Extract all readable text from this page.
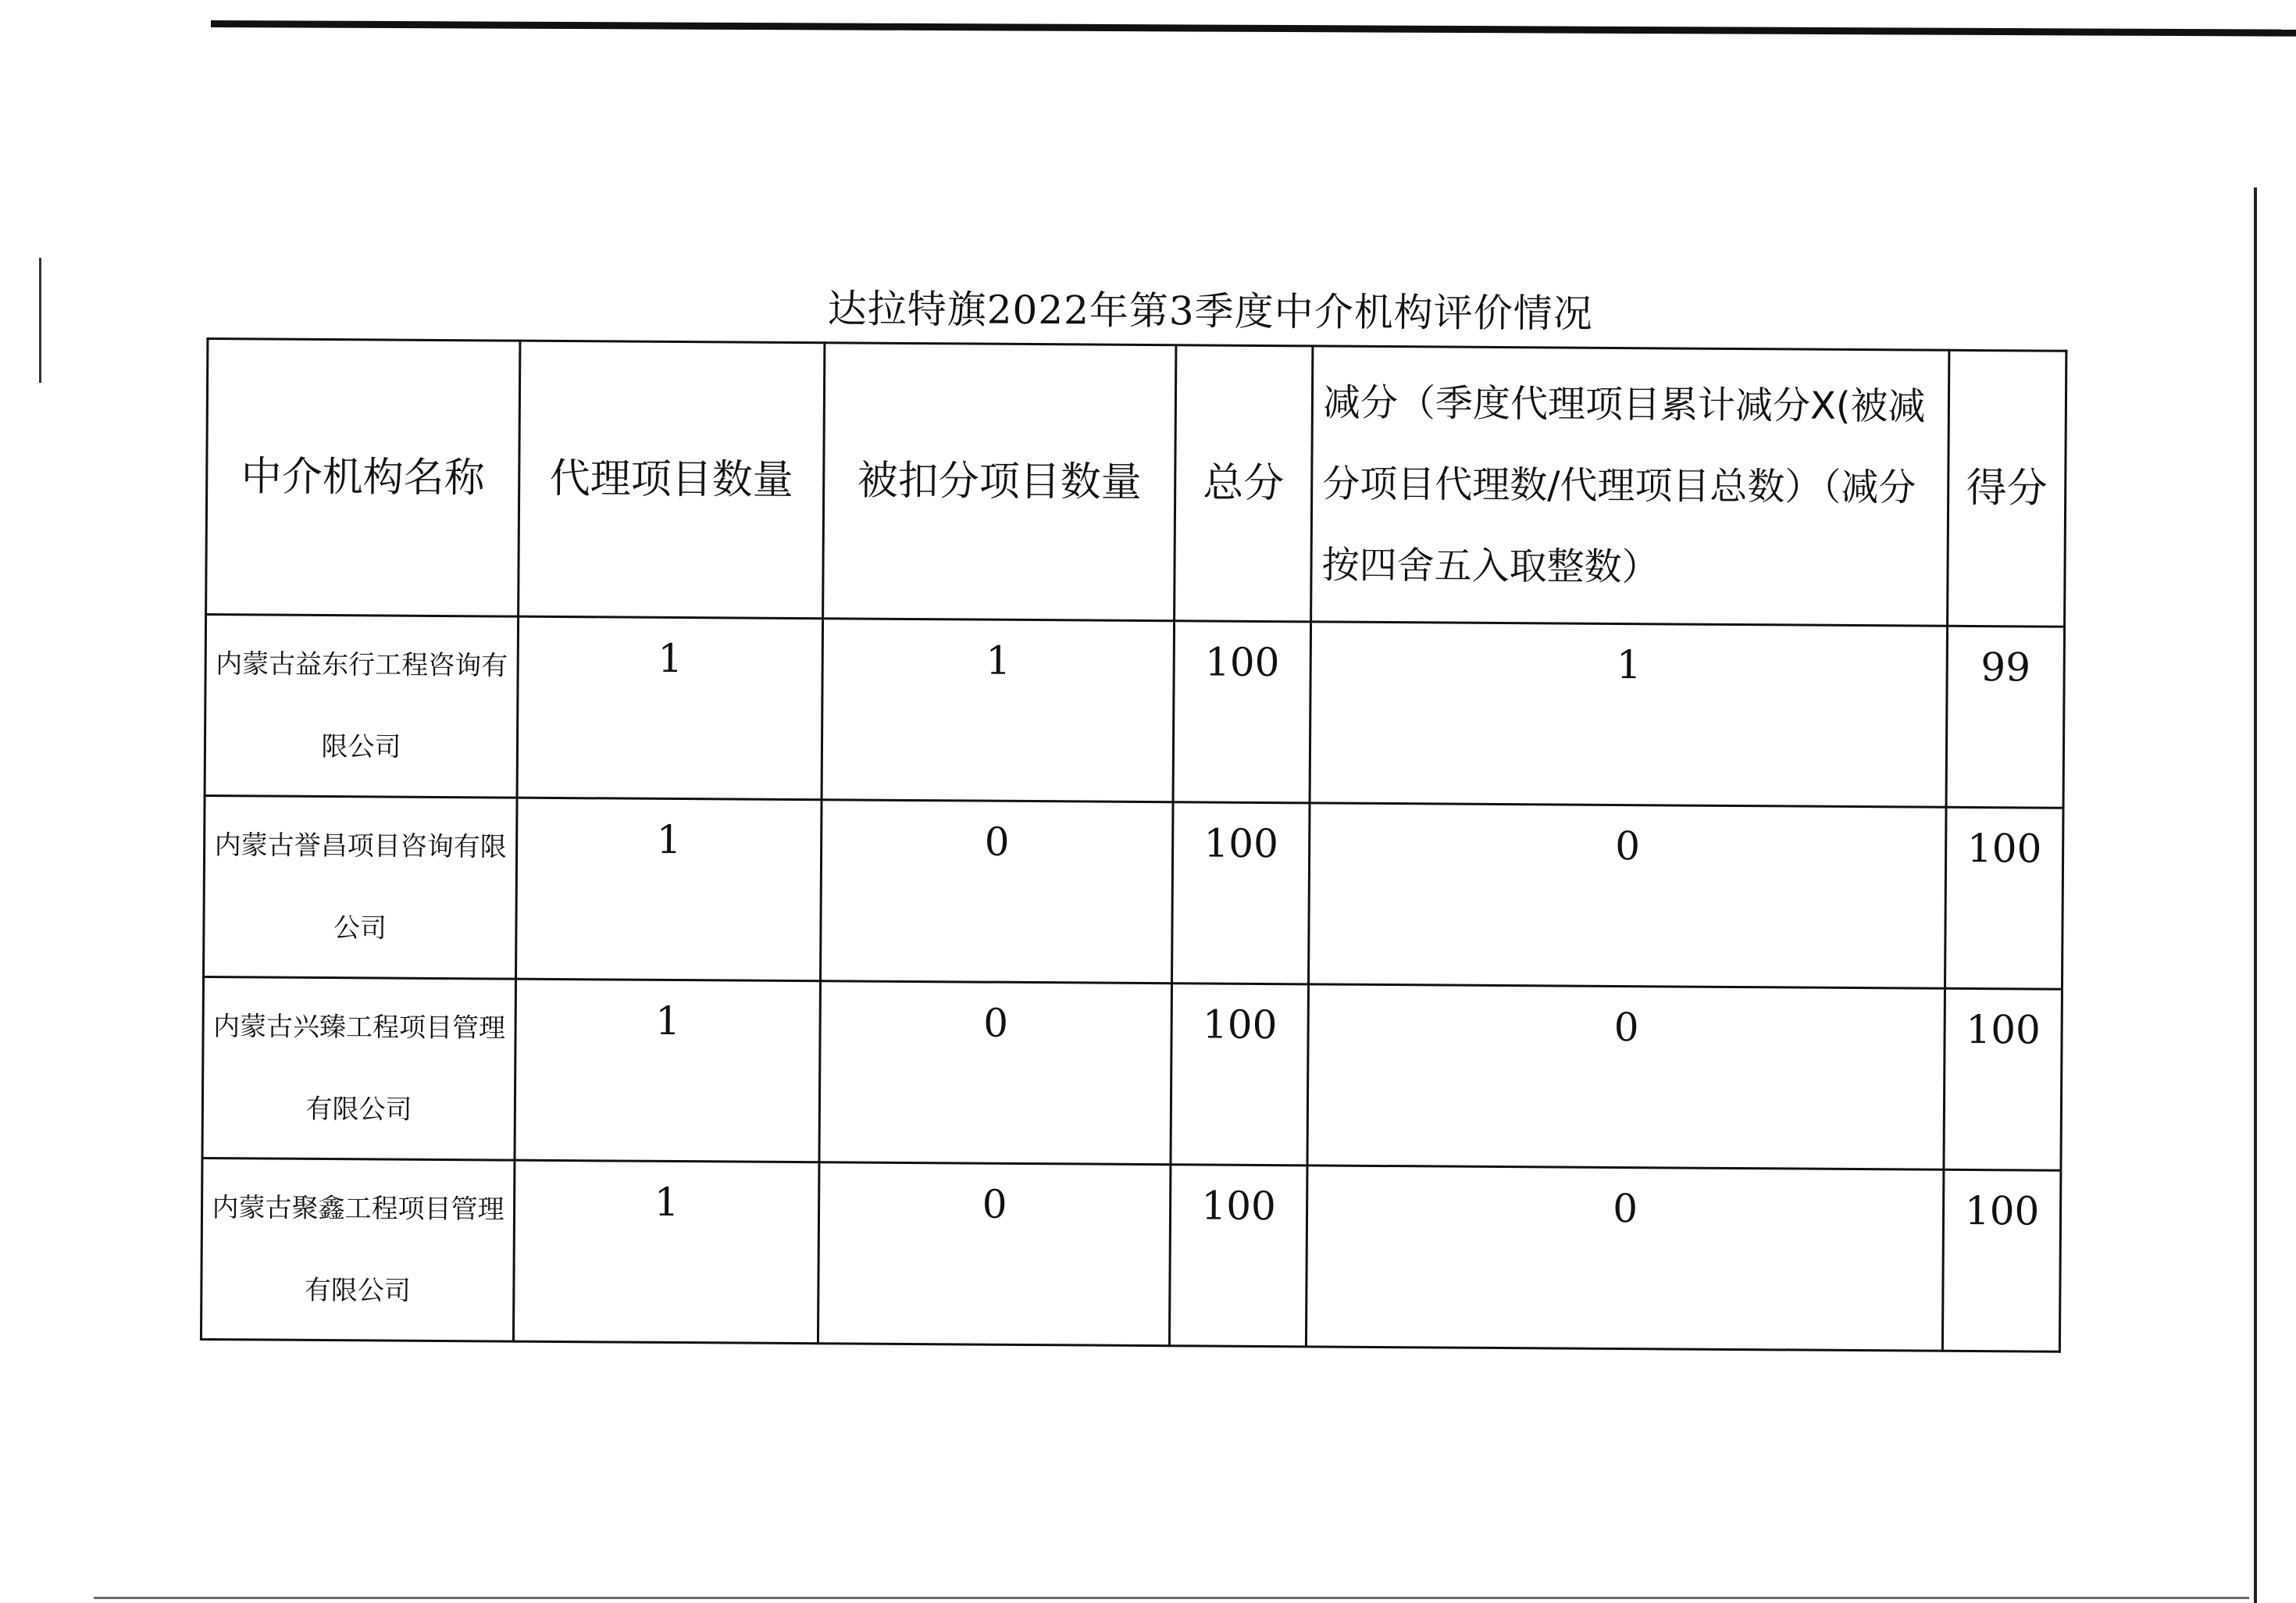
达拉特旗2022年第3季度中介机构评价情况
中介机构名称	代理项目数量	被扣分项目数量	总分	减分（季度代理项目累计减分X(被减分项目代理数/代理项目总数）（减分按四舍五入取整数）	得分
内蒙古益东行工程咨询有限公司	1	1	100	1	99
内蒙古誉昌项目咨询有限公司	1	0	100	0	100
内蒙古兴臻工程项目管理有限公司	1	0	100	0	100
内蒙古聚鑫工程项目管理有限公司	1	0	100	0	100
